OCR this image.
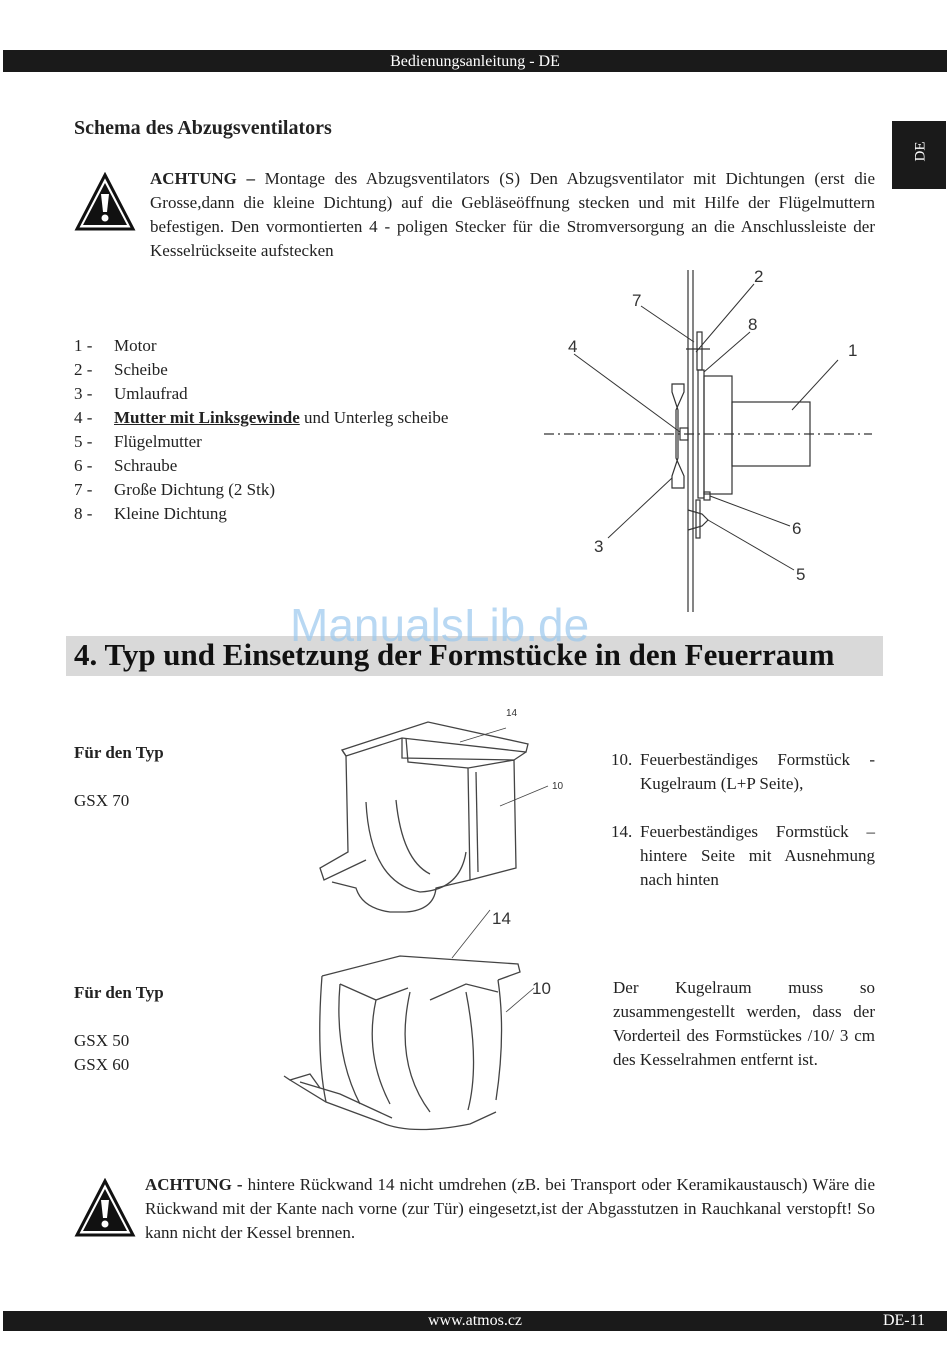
Bedienungsanleitung - DE
DE
Schema des Abzugsventilators
ACHTUNG – Montage des Abzugsventilators (S) Den Abzugsventilator mit Dichtungen (erst die Grosse,dann die kleine Dichtung) auf die Gebläseöffnung stecken und mit Hilfe der Flügelmuttern befestigen. Den vormontierten 4 - poligen Stecker für die Stromversorgung an die Anschlussleiste der Kesselrückseite aufstecken
1 -	Motor
2 -	Scheibe
3 -	Umlaufrad
4 -	Mutter mit Linksgewinde und Unterleg scheibe
5 -	Flügelmutter
6 -	Schraube
7 -	Große Dichtung (2 Stk)
8 -	Kleine Dichtung
2
7
8
4	1
3
6
5
4. Typ und Einsetzung der Formstücke in den Feuerraum
ManualsLib.de
Für den Typ
GSX 70
14
10
10. Feuerbeständiges Formstück - Kugelraum (L+P Seite),
14. Feuerbeständiges Formstück – hintere Seite mit Ausnehmung nach hinten
Für den Typ
GSX 50
GSX 60
14
10	Der Kugelraum muss so zusammengestellt werden, dass der Vorderteil des Formstückes /10/ 3 cm des Kesselrahmen entfernt ist.
ACHTUNG - hintere Rückwand 14 nicht umdrehen (zB. bei Transport oder Keramikaustausch) Wäre die Rückwand mit der Kante nach vorne (zur Tür) eingesetzt,ist der Abgasstutzen in Rauchkanal verstopft! So kann nicht der Kessel brennen.
www.atmos.cz	DE-11
